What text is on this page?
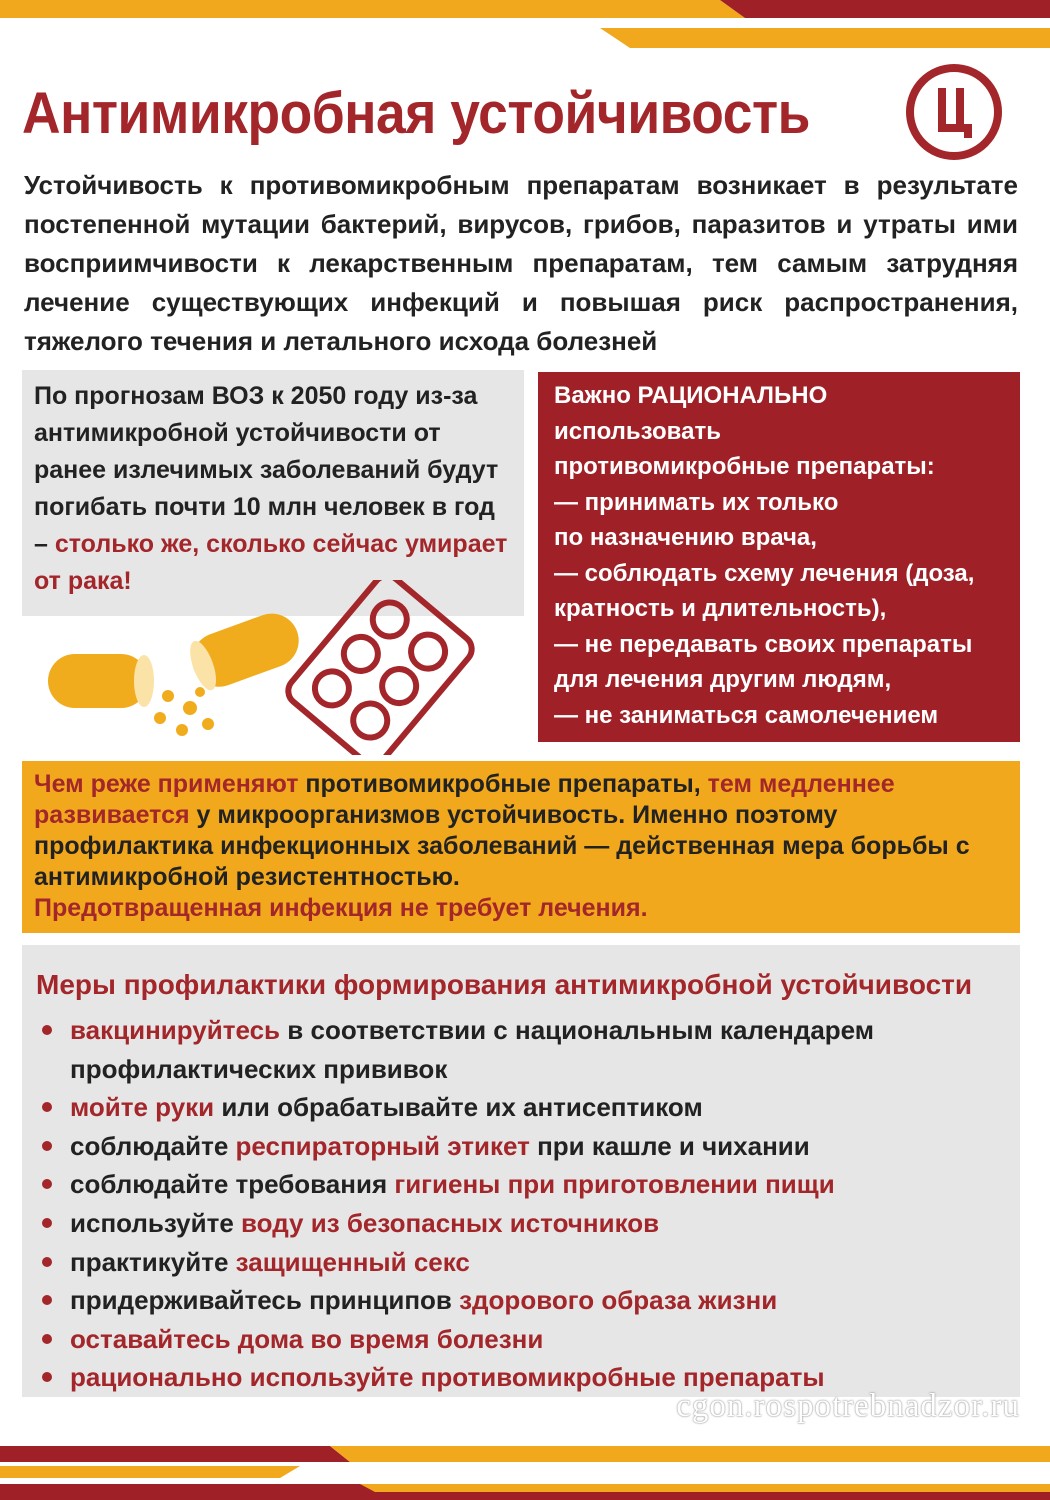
Антимикробная устойчивость

Устойчивость к противомикробным препаратам возникает в результате постепенной мутации бактерий, вирусов, грибов, паразитов и утраты ими восприимчивости к лекарственным препаратам, тем самым затрудняя лечение существующих инфекций и повышая риск распространения, тяжелого течения и летального исхода болезней

По прогнозам ВОЗ к 2050 году из-за антимикробной устойчивости от ранее излечимых заболеваний будут погибать почти 10 млн человек в год – столько же, сколько сейчас умирает от рака!

Важно РАЦИОНАЛЬНО
использовать
противомикробные препараты:
— принимать их только
по назначению врача,
— соблюдать схему лечения (доза,
кратность и длительность),
— не передавать своих препараты
для лечения другим людям,
— не заниматься самолечением

Чем реже применяют противомикробные препараты, тем медленнее развивается у микроорганизмов устойчивость. Именно поэтому профилактика инфекционных заболеваний — действенная мера борьбы с антимикробной резистентностью.
Предотвращенная инфекция не требует лечения.

Меры профилактики формирования антимикробной устойчивости
вакцинируйтесь в соответствии с национальным календарем профилактических прививок
мойте руки или обрабатывайте их антисептиком
соблюдайте респираторный этикет при кашле и чихании
соблюдайте требования гигиены при приготовлении пищи
используйте воду из безопасных источников
практикуйте защищенный секс
придерживайтесь принципов здорового образа жизни
оставайтесь дома во время болезни
рационально используйте противомикробные препараты
cgon.rospotrebnadzor.ru
